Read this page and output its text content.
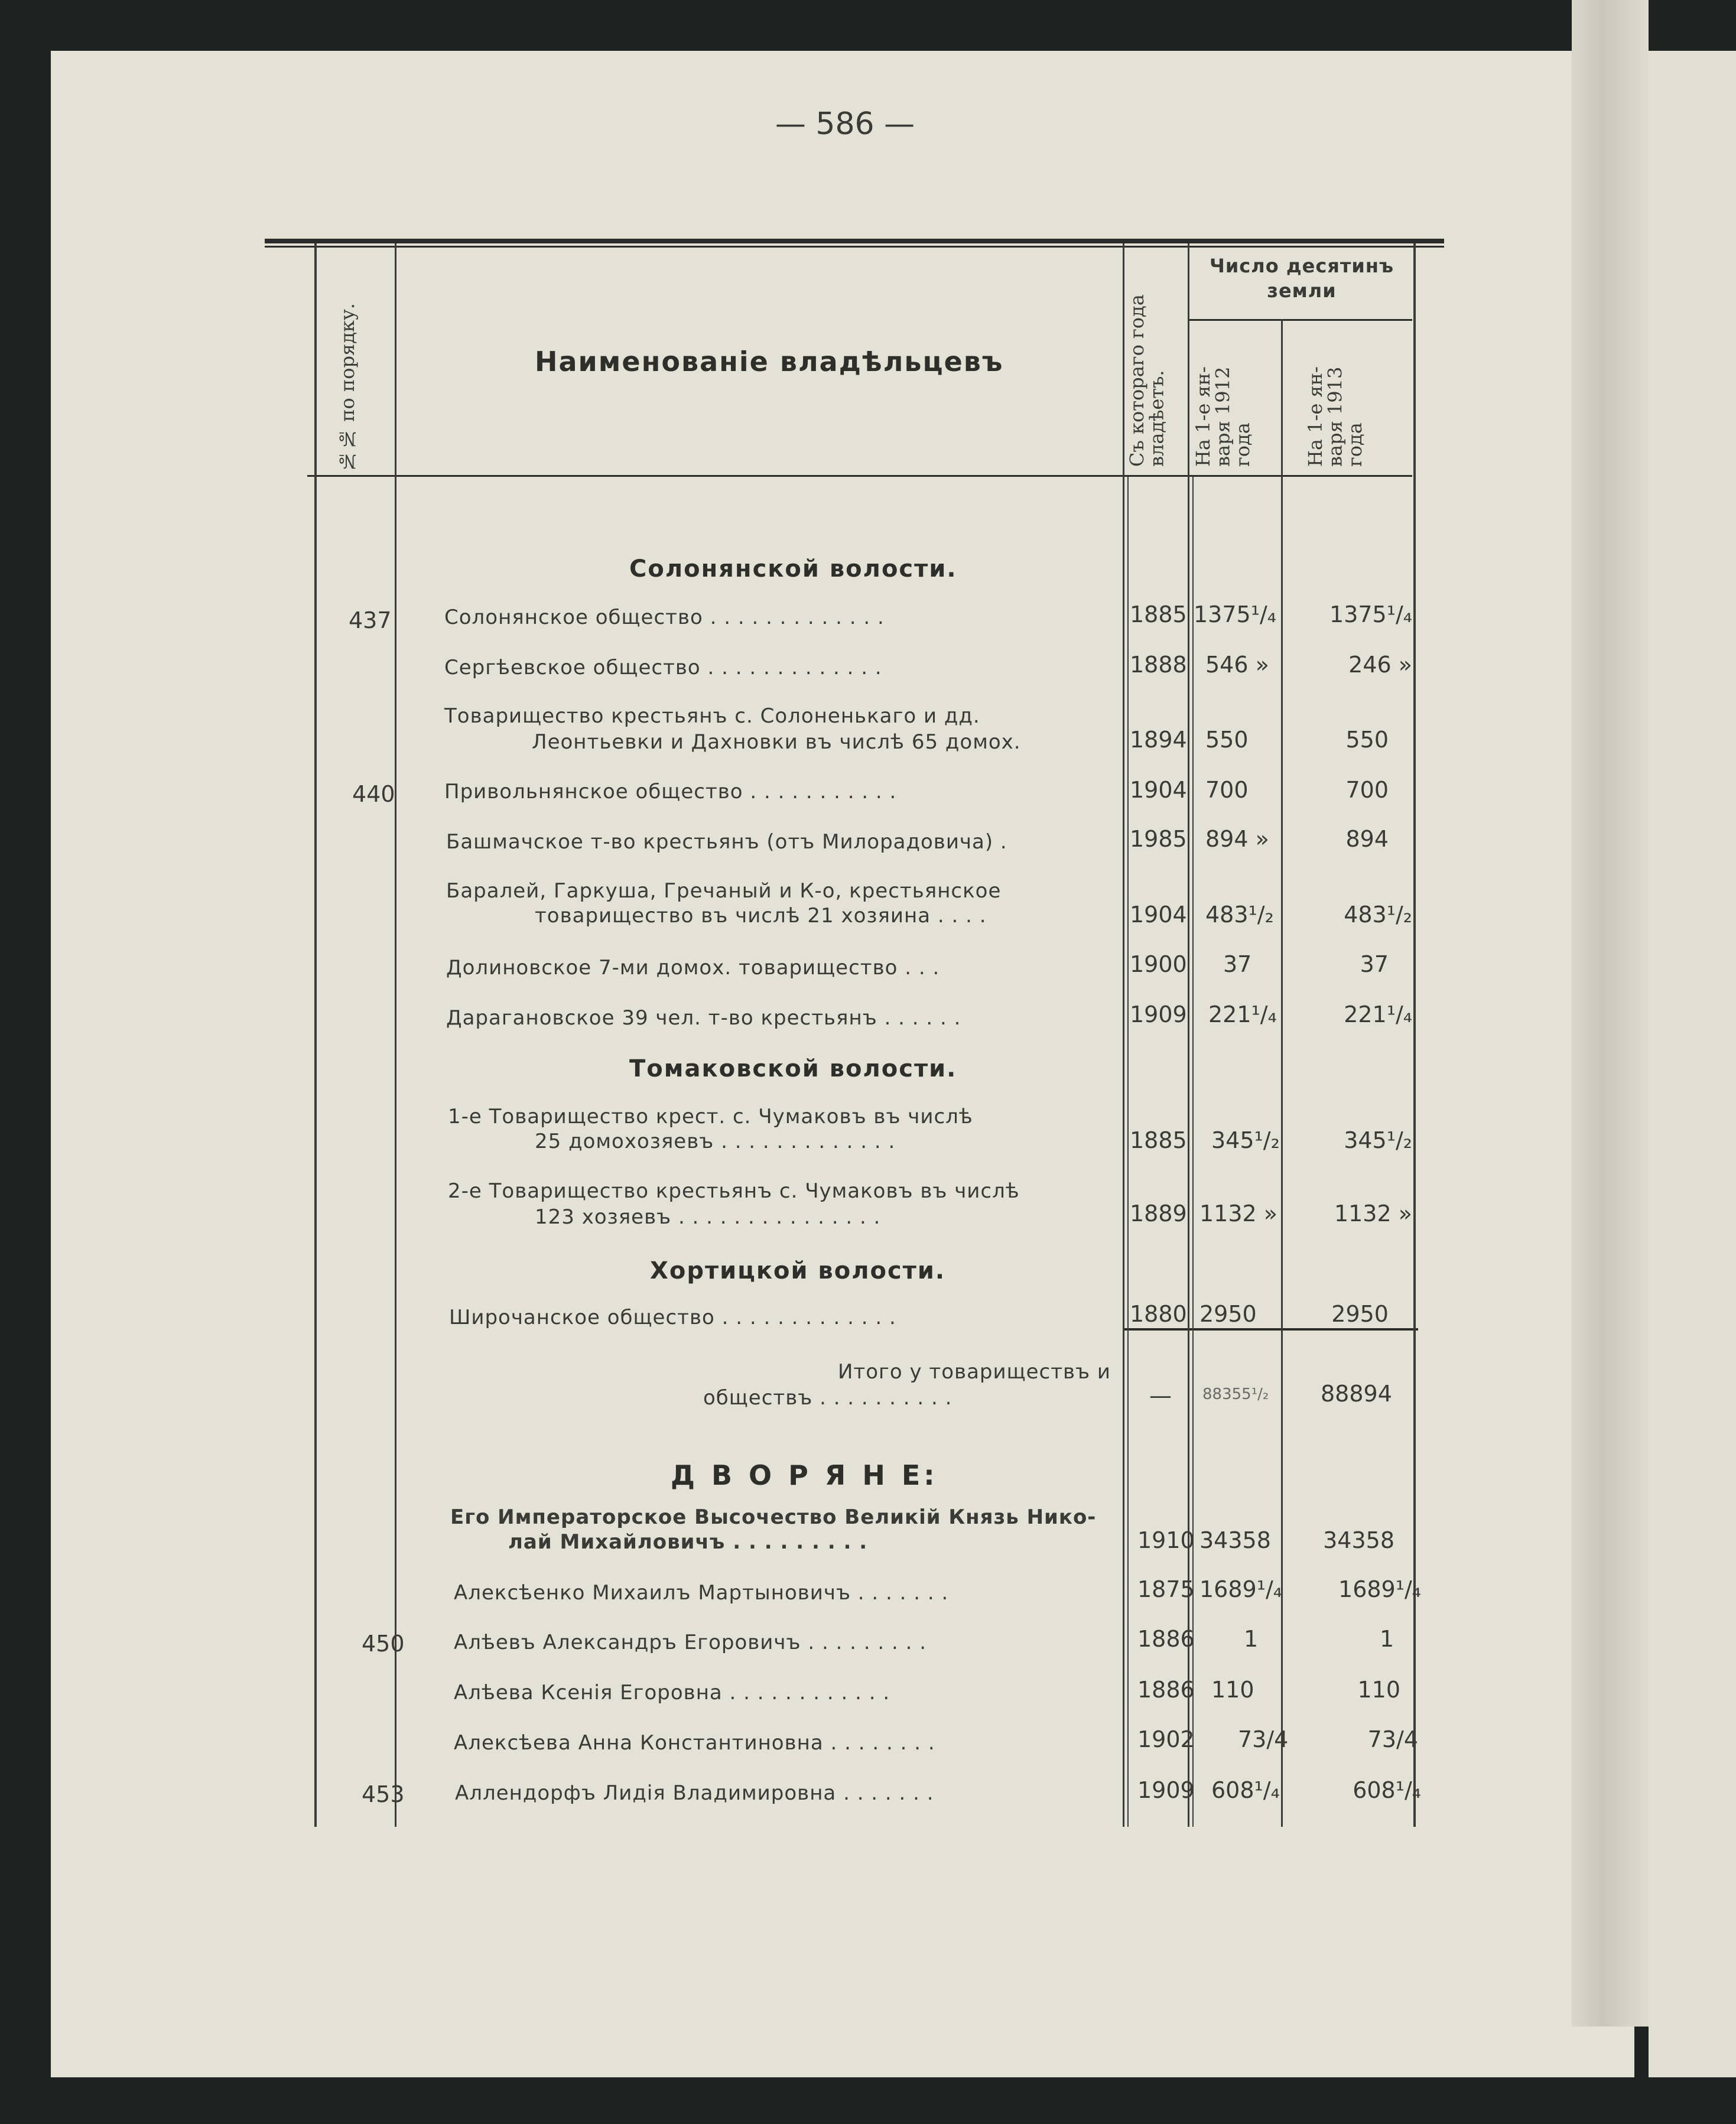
— 586 —
№№ по порядку.	Наименованіе владѣльцевъ	Съ котораго года
владѣетъ.
Число десятинъ
земли
На 1-е ян-
варя 1912
года	На 1-е ян-
варя 1913
года
Солонянской волости.
Томаковской волости.
Хортицкой волости.
Д В О Р Я Н Е:
437	Солонянское общество . . . . . . . . . . . . .	1885 1375¹/₄	1375¹/₄
Сергѣевское общество . . . . . . . . . . . . .	1888 546 »	246 »
Товарищество крестьянъ с. Солоненькаго и дд.
Леонтьевки и Дахновки въ числѣ 65 домох.	1894 550	550
440 Привольнянское общество . . . . . . . . . . .	1904 700	700
Башмачское т-во крестьянъ (отъ Милорадовича) .	1985 894 »	894
Баралей, Гаркуша, Гречаный и К-о, крестьянское
товарищество въ числѣ 21 хозяина . . . .	1904 483¹/₂	483¹/₂
Долиновское 7-ми домох. товарищество . . .	1900 37	37
Дарагановское 39 чел. т-во крестьянъ . . . . . .	1909 221¹/₄	221¹/₄
1-е Товарищество крест. с. Чумаковъ въ числѣ
25 домохозяевъ . . . . . . . . . . . . .	1885 345¹/₂	345¹/₂
2-е Товарищество крестьянъ с. Чумаковъ въ числѣ
123 хозяевъ . . . . . . . . . . . . . . .	1889 1132 »	1132 »
Широчанское общество . . . . . . . . . . . . .	1880 2950	2950
Итого у товариществъ и
обществъ . . . . . . . . . .	— 88355¹/₂ 88894
Его Императорское Высочество Великій Князь Нико-
лай Михайловичъ . . . . . . . . .	1910 34358	34358
Алексѣенко Михаилъ Мартыновичъ . . . . . . .	1875 1689¹/₄	1689¹/₄
450 Алѣевъ Александръ Егоровичъ . . . . . . . . .	1886 1	1
Алѣева Ксенія Егоровна . . . . . . . . . . . .	1886 110	110
Алексѣева Анна Константиновна . . . . . . . .	1902 73/4	73/4
453	Аллендорфъ Лидія Владимировна . . . . . . .	1909 608¹/₄	608¹/₄
